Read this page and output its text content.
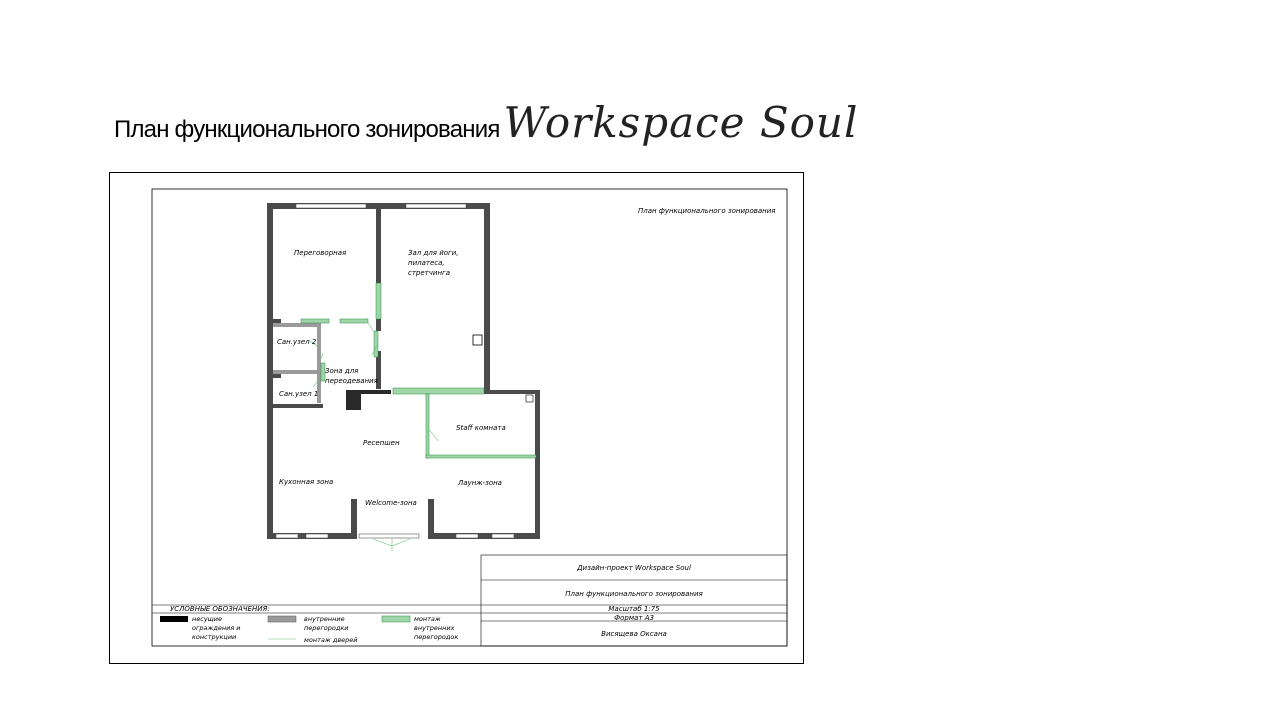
План функционального зонирования Workspace Soul
План функционального зонирования
Переговорная	Зал для йоги,
пилатеса,
стретчинга
Сан.узел 2
Зона для
переодевания
Сан.узел 1
Ресепшен
Staff комната
Кухонная зона	Лаунж-зона
Welcome-зона
Дизайн-проект Workspace Soul
План функционального зонирования
Масштаб 1:75
Формат А3
Висящева Оксана
УСЛОВНЫЕ ОБОЗНАЧЕНИЯ:
несущие
ограждения и
конструкции
внутренние
перегородки
монтаж дверей
монтаж
внутренних
перегородок
